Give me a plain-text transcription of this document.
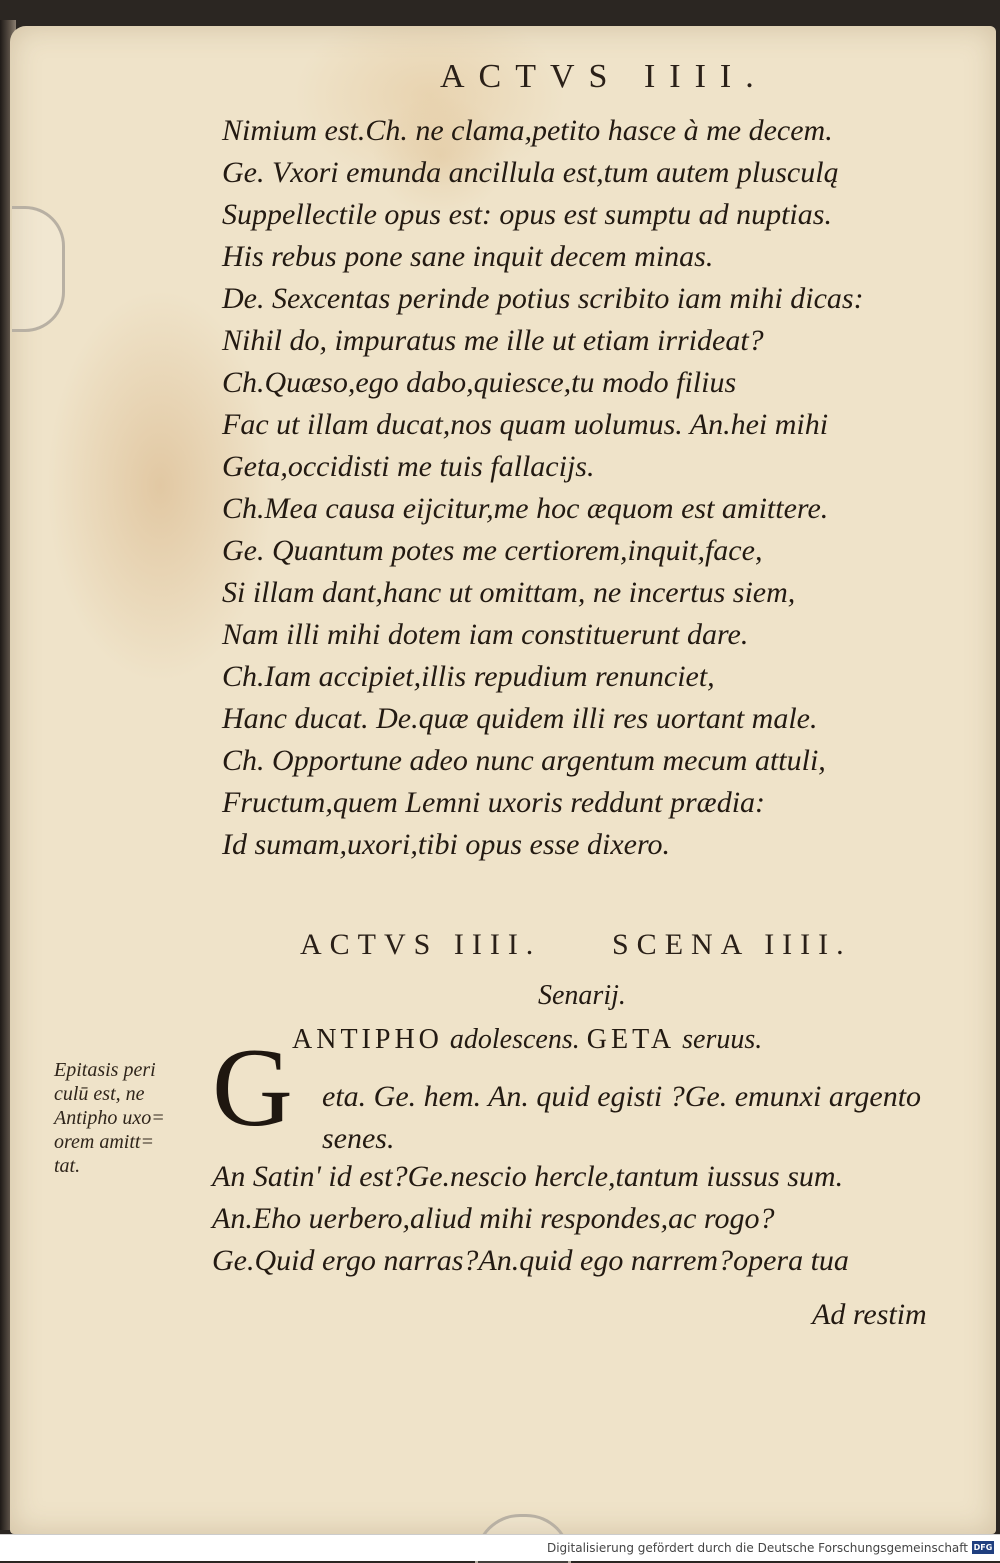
ACTVS IIII.
Nimium est.Ch. ne clama,petito hasce à me decem.
Ge. Vxori emunda ancillula est,tum autem plusculą
Suppellectile opus est: opus est sumptu ad nuptias.
His rebus pone sane inquit decem minas.
De. Sexcentas perinde potius scribito iam mihi dicas:
Nihil do, impuratus me ille ut etiam irrideat?
Ch.Quæso,ego dabo,quiesce,tu modo filius
Fac ut illam ducat,nos quam uolumus. An.hei mihi
Geta,occidisti me tuis fallacijs.
Ch.Mea causa eijcitur,me hoc æquom est amittere.
Ge. Quantum potes me certiorem,inquit,face,
Si illam dant,hanc ut omittam, ne incertus siem,
Nam illi mihi dotem iam constituerunt dare.
Ch.Iam accipiet,illis repudium renunciet,
Hanc ducat. De.quæ quidem illi res uortant male.
Ch. Opportune adeo nunc argentum mecum attuli,
Fructum,quem Lemni uxoris reddunt prædia:
Id sumam,uxori,tibi opus esse dixero.
ACTVS IIII. SCENA IIII.
Senarij.
ANTIPHO adolescens. GETA seruus.
G
Epitasis peri
culū est, ne
Antipho uxo=
orem amitt=
tat.
eta. Ge. hem. An. quid egisti ?Ge. emunxi argento
senes.
An Satin' id est?Ge.nescio hercle,tantum iussus sum.
An.Eho uerbero,aliud mihi respondes,ac rogo?
Ge.Quid ergo narras?An.quid ego narrem?opera tua
Ad restim
Digitalisierung gefördert durch die Deutsche Forschungsgemeinschaft DFG
